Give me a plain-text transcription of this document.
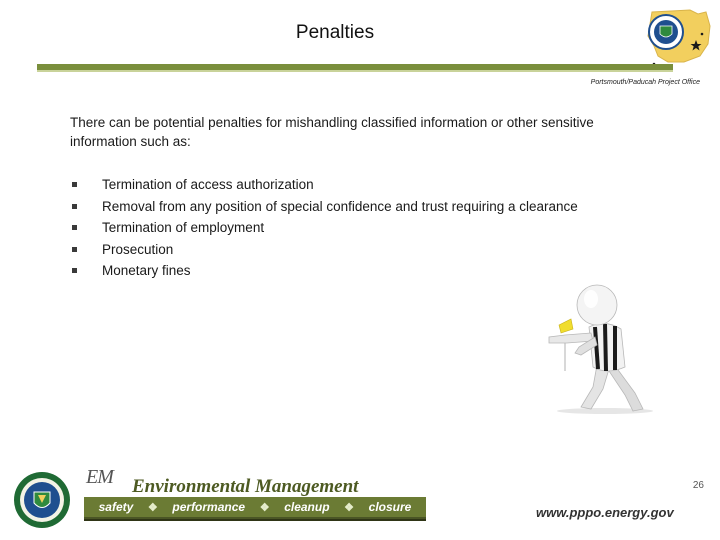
Penalties
Portsmouth/Paducah Project Office
There can be potential penalties for mishandling classified information or other sensitive information such as:
Termination of access authorization
Removal from any position of special confidence and trust requiring a clearance
Termination of employment
Prosecution
Monetary fines
26
EM Environmental Management
safety ❖ performance ❖ cleanup ❖ closure	www.pppo.energy.gov
